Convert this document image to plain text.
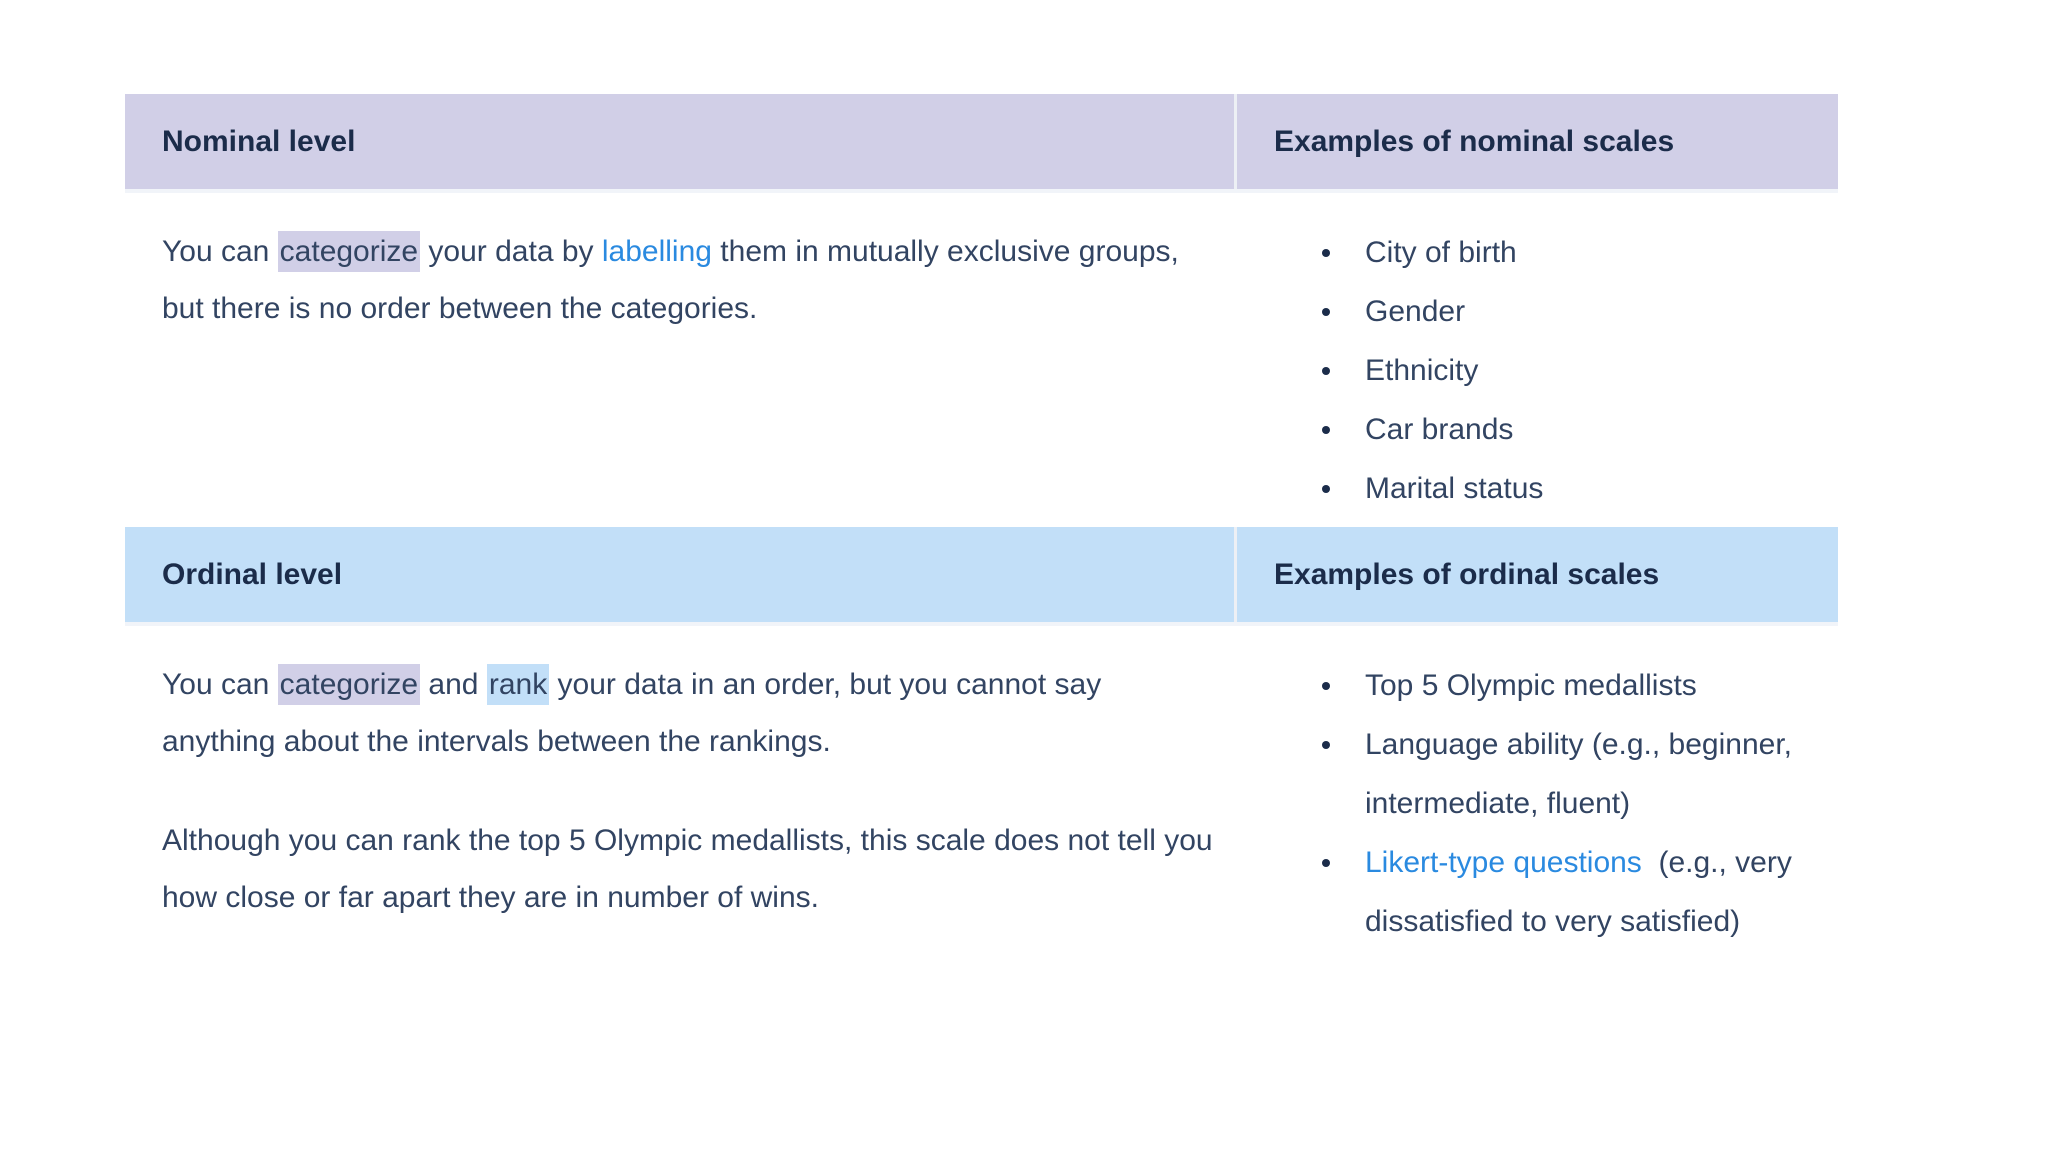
Nominal level	Examples of nominal scales

You can categorize your data by labelling them in mutually exclusive groups, but there is no order between the categories.

City of birth
Gender
Ethnicity
Car brands
Marital status
Ordinal level	Examples of ordinal scales

You can categorize and rank your data in an order, but you cannot say anything about the intervals between the rankings.

Although you can rank the top 5 Olympic medallists, this scale does not tell you how close or far apart they are in number of wins.

Top 5 Olympic medallists
Language ability (e.g., beginner, intermediate, fluent)
Likert-type questions  (e.g., very dissatisfied to very satisfied)
